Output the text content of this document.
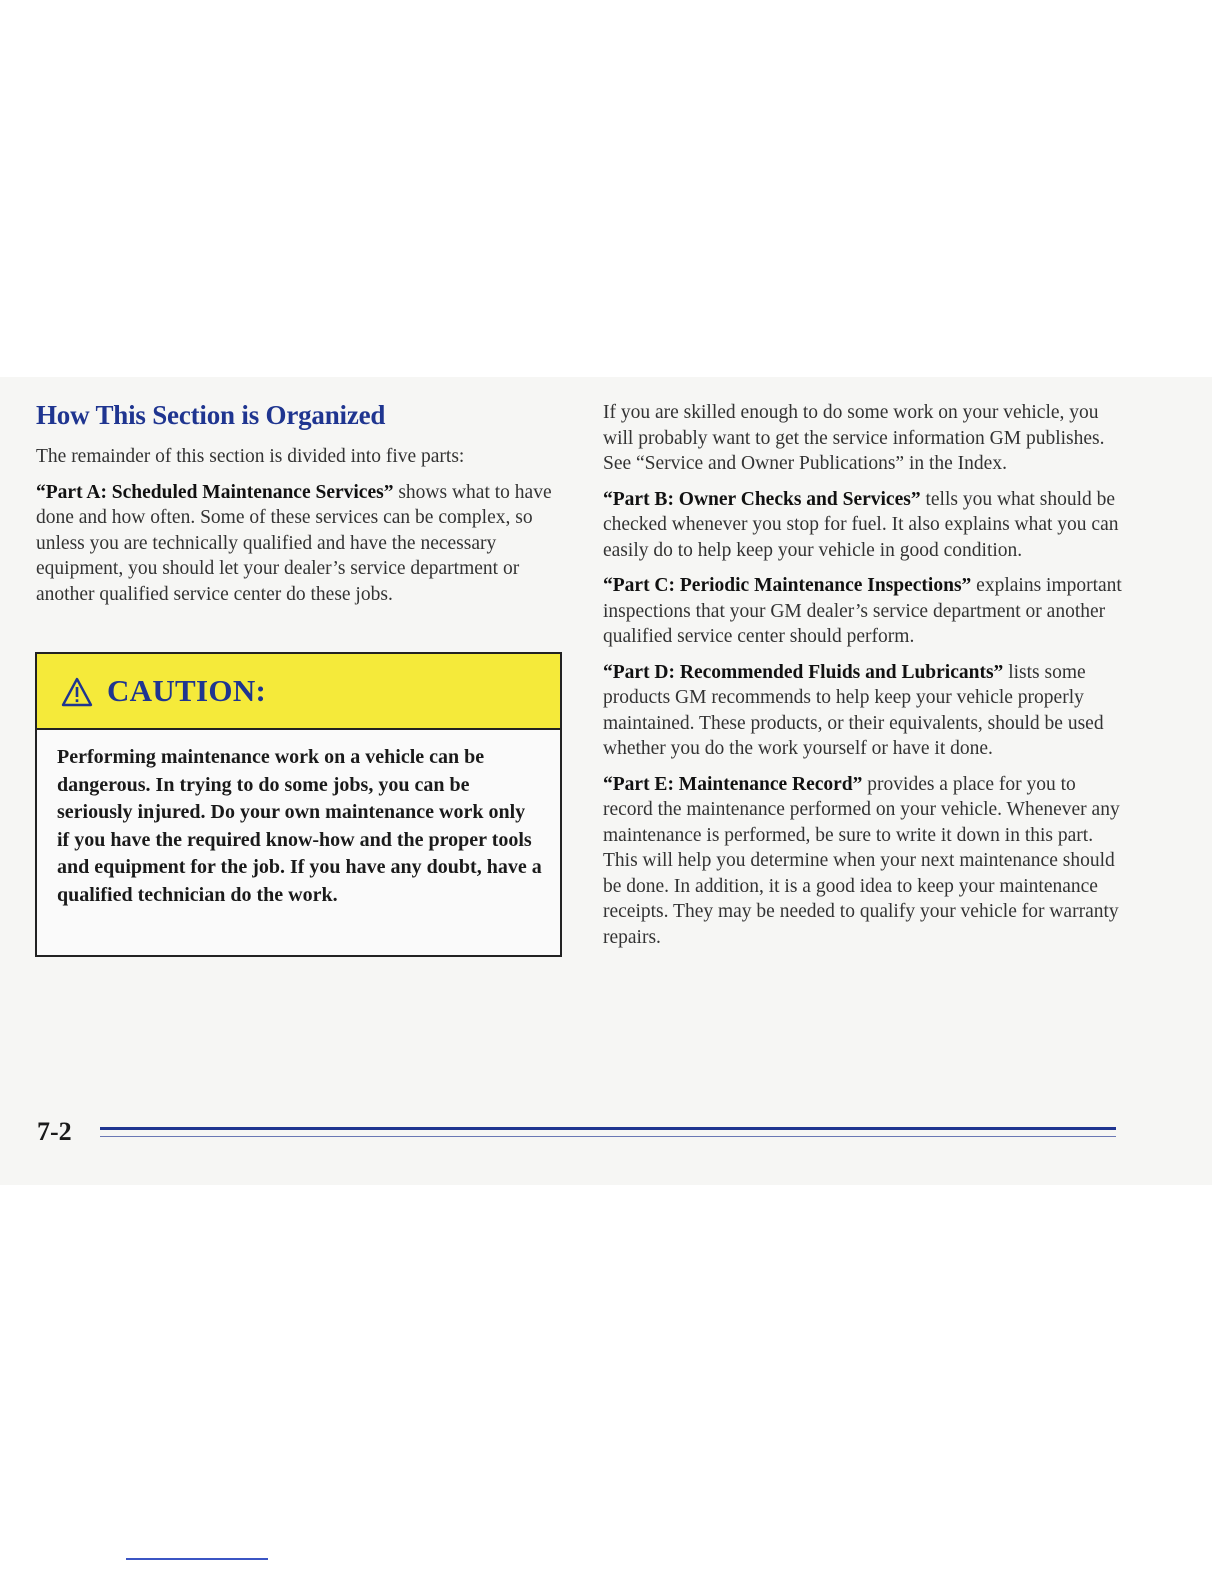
How This Section is Organized

The remainder of this section is divided into five parts:

“Part A: Scheduled Maintenance Services” shows what to have done and how often. Some of these services can be complex, so unless you are technically qualified and have the necessary equipment, you should let your dealer’s service department or another qualified service center do these jobs.

CAUTION:
Performing maintenance work on a vehicle can be dangerous. In trying to do some jobs, you can be seriously injured. Do your own maintenance work only if you have the required know-how and the proper tools and equipment for the job. If you have any doubt, have a qualified technician do the work.

If you are skilled enough to do some work on your vehicle, you will probably want to get the service information GM publishes. See “Service and Owner Publications” in the Index.

“Part B: Owner Checks and Services” tells you what should be checked whenever you stop for fuel. It also explains what you can easily do to help keep your vehicle in good condition.

“Part C: Periodic Maintenance Inspections” explains important inspections that your GM dealer’s service department or another qualified service center should perform.

“Part D: Recommended Fluids and Lubricants” lists some products GM recommends to help keep your vehicle properly maintained. These products, or their equivalents, should be used whether you do the work yourself or have it done.

“Part E: Maintenance Record” provides a place for you to record the maintenance performed on your vehicle. Whenever any maintenance is performed, be sure to write it down in this part. This will help you determine when your next maintenance should be done. In addition, it is a good idea to keep your maintenance receipts. They may be needed to qualify your vehicle for warranty repairs.

7-2
